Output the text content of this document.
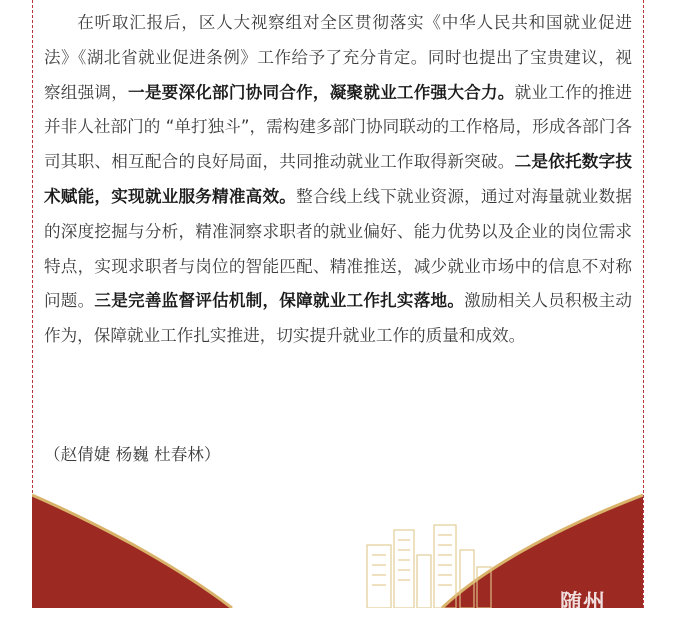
在听取汇报后，区人大视察组对全区贯彻落实《中华人民共和国就业促进法》《湖北省就业促进条例》工作给予了充分肯定。同时也提出了宝贵建议，视察组强调，一是要深化部门协同合作，凝聚就业工作强大合力。就业工作的推进并非人社部门的 “单打独斗”，需构建多部门协同联动的工作格局，形成各部门各司其职、相互配合的良好局面，共同推动就业工作取得新突破。二是依托数字技术赋能，实现就业服务精准高效。整合线上线下就业资源，通过对海量就业数据的深度挖掘与分析，精准洞察求职者的就业偏好、能力优势以及企业的岗位需求特点，实现求职者与岗位的智能匹配、精准推送，减少就业市场中的信息不对称问题。三是完善监督评估机制，保障就业工作扎实落地。激励相关人员积极主动作为，保障就业工作扎实推进，切实提升就业工作的质量和成效。

（赵倩婕 杨巍 杜春林）
随州
